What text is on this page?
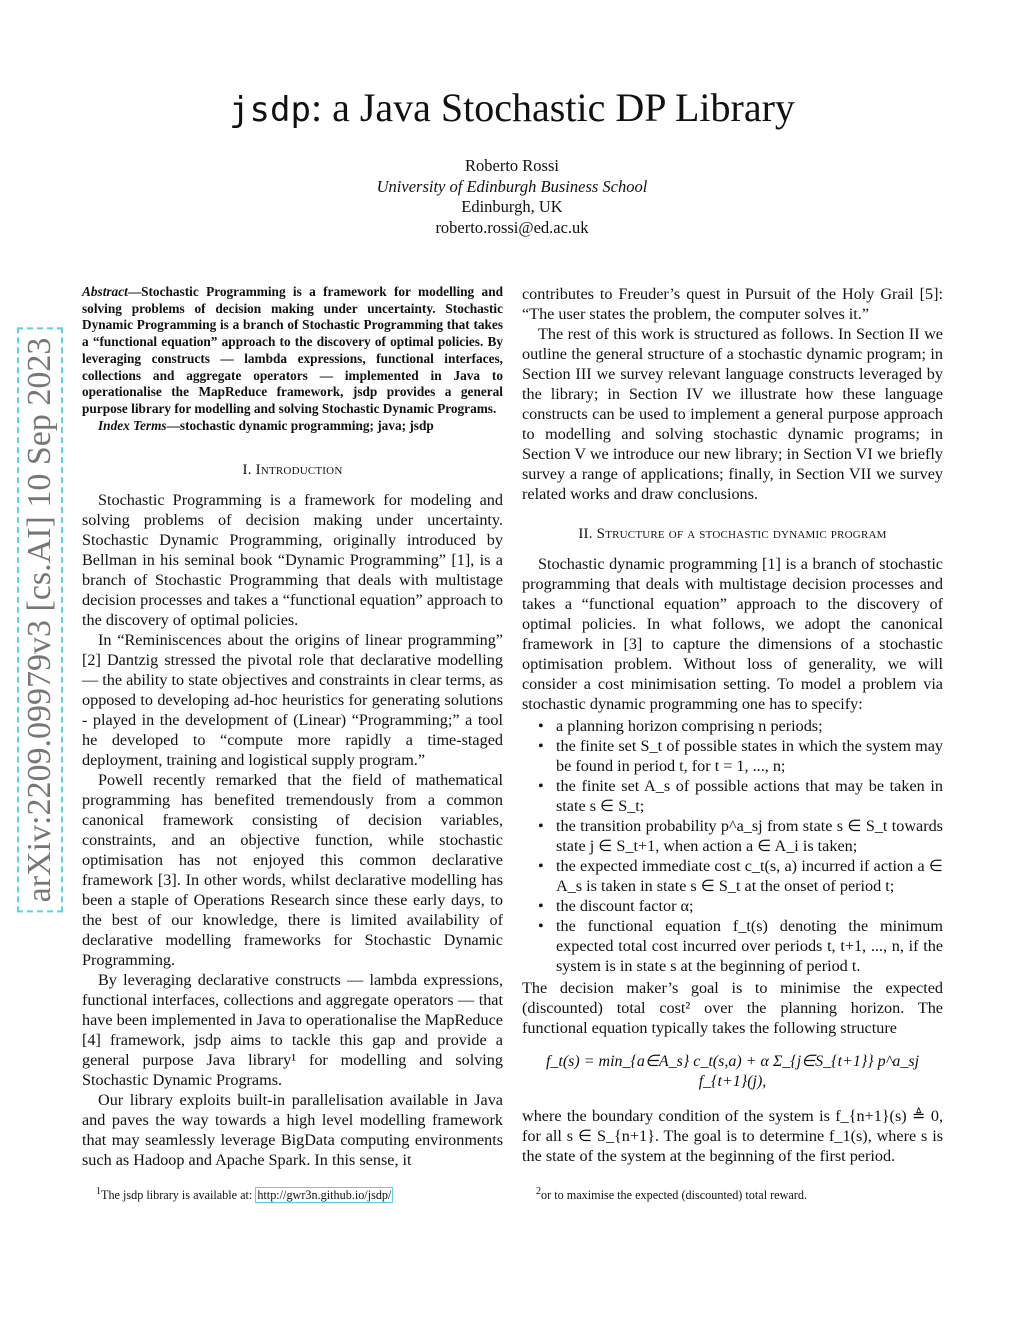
jsdp: a Java Stochastic DP Library
Roberto Rossi
University of Edinburgh Business School
Edinburgh, UK
roberto.rossi@ed.ac.uk
arXiv:2209.09979v3 [cs.AI] 10 Sep 2023
Abstract—Stochastic Programming is a framework for modelling and solving problems of decision making under uncertainty. Stochastic Dynamic Programming is a branch of Stochastic Programming that takes a “functional equation” approach to the discovery of optimal policies. By leveraging constructs — lambda expressions, functional interfaces, collections and aggregate operators — implemented in Java to operationalise the MapReduce framework, jsdp provides a general purpose library for modelling and solving Stochastic Dynamic Programs.
Index Terms—stochastic dynamic programming; java; jsdp
I. Introduction

Stochastic Programming is a framework for modeling and solving problems of decision making under uncertainty. Stochastic Dynamic Programming, originally introduced by Bellman in his seminal book “Dynamic Programming” [1], is a branch of Stochastic Programming that deals with multistage decision processes and takes a “functional equation” approach to the discovery of optimal policies.

In “Reminiscences about the origins of linear programming” [2] Dantzig stressed the pivotal role that declarative modelling — the ability to state objectives and constraints in clear terms, as opposed to developing ad-hoc heuristics for generating solutions - played in the development of (Linear) “Programming;” a tool he developed to “compute more rapidly a time-staged deployment, training and logistical supply program.”

Powell recently remarked that the field of mathematical programming has benefited tremendously from a common canonical framework consisting of decision variables, constraints, and an objective function, while stochastic optimisation has not enjoyed this common declarative framework [3]. In other words, whilst declarative modelling has been a staple of Operations Research since these early days, to the best of our knowledge, there is limited availability of declarative modelling frameworks for Stochastic Dynamic Programming.

By leveraging declarative constructs — lambda expressions, functional interfaces, collections and aggregate operators — that have been implemented in Java to operationalise the MapReduce [4] framework, jsdp aims to tackle this gap and provide a general purpose Java library¹ for modelling and solving Stochastic Dynamic Programs.

Our library exploits built-in parallelisation available in Java and paves the way towards a high level modelling framework that may seamlessly leverage BigData computing environments such as Hadoop and Apache Spark. In this sense, it

contributes to Freuder’s quest in Pursuit of the Holy Grail [5]: “The user states the problem, the computer solves it.”

The rest of this work is structured as follows. In Section II we outline the general structure of a stochastic dynamic program; in Section III we survey relevant language constructs leveraged by the library; in Section IV we illustrate how these language constructs can be used to implement a general purpose approach to modelling and solving stochastic dynamic programs; in Section V we introduce our new library; in Section VI we briefly survey a range of applications; finally, in Section VII we survey related works and draw conclusions.

II. Structure of a stochastic dynamic program

Stochastic dynamic programming [1] is a branch of stochastic programming that deals with multistage decision processes and takes a “functional equation” approach to the discovery of optimal policies. In what follows, we adopt the canonical framework in [3] to capture the dimensions of a stochastic optimisation problem. Without loss of generality, we will consider a cost minimisation setting. To model a problem via stochastic dynamic programming one has to specify:

• a planning horizon comprising n periods;
• the finite set S_t of possible states in which the system may be found in period t, for t = 1, ..., n;
• the finite set A_s of possible actions that may be taken in state s ∈ S_t;
• the transition probability p^a_sj from state s ∈ S_t towards state j ∈ S_t+1, when action a ∈ A_i is taken;
• the expected immediate cost c_t(s, a) incurred if action a ∈ A_s is taken in state s ∈ S_t at the onset of period t;
• the discount factor α;
• the functional equation f_t(s) denoting the minimum expected total cost incurred over periods t, t+1, ..., n, if the system is in state s at the beginning of period t.

The decision maker’s goal is to minimise the expected (discounted) total cost² over the planning horizon. The functional equation typically takes the following structure

f_t(s) = min_{a∈A_s} c_t(s,a) + α Σ_{j∈S_{t+1}} p^a_sj f_{t+1}(j),

where the boundary condition of the system is f_{n+1}(s) ≜ 0, for all s ∈ S_{n+1}. The goal is to determine f_1(s), where s is the state of the system at the beginning of the first period.

$^1$The jsdp library is available at: http://gwr3n.github.io/jsdp/	$^2$or to maximise the expected (discounted) total reward.
